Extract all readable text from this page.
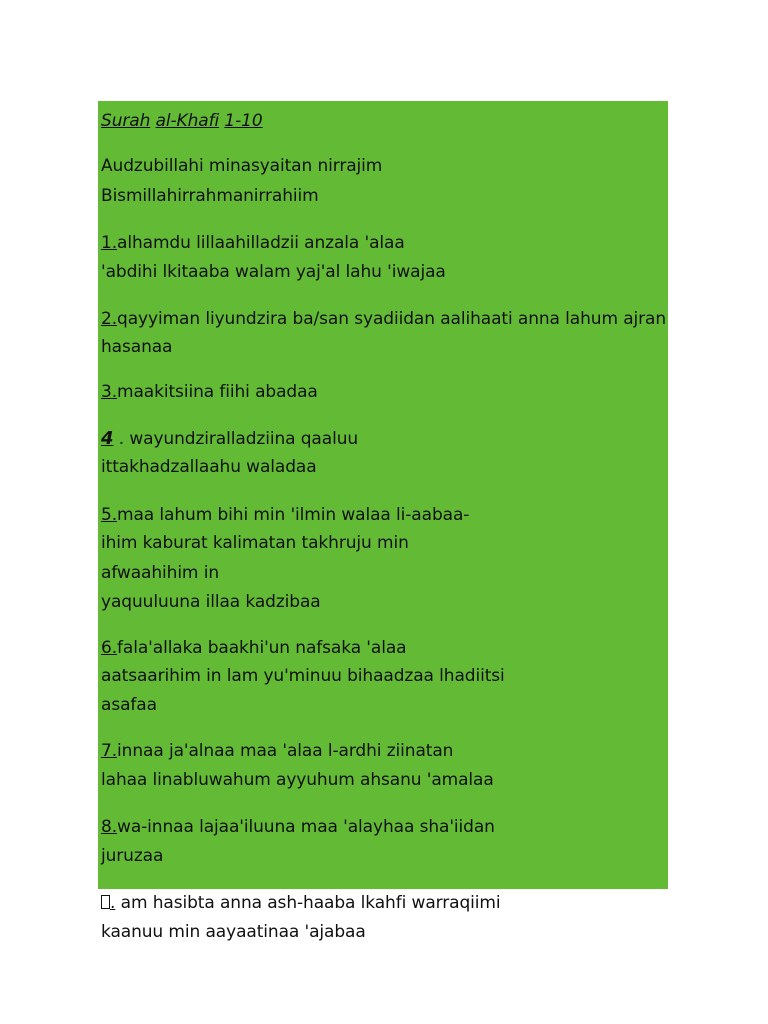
Surah al-Khafi 1-10
Audzubillahi minasyaitan nirrajim
Bismillahirrahmanirrahiim
1.alhamdu lillaahilladzii anzala 'alaa
'abdihi lkitaaba walam yaj'al lahu 'iwajaa
2.qayyiman liyundzira ba/san syadiidan aalihaati anna lahum ajran
hasanaa
3.maakitsiina fiihi abadaa
4 . wayundziralladziina qaaluu
ittakhadzallaahu waladaa
5.maa lahum bihi min 'ilmin walaa li-aabaa-
ihim kaburat kalimatan takhruju min
afwaahihim in
yaquuluuna illaa kadzibaa
6.fala'allaka baakhi'un nafsaka 'alaa
aatsaarihim in lam yu'minuu bihaadzaa lhadiitsi
asafaa
7.innaa ja'alnaa maa 'alaa l-ardhi ziinatan
lahaa linabluwahum ayyuhum ahsanu 'amalaa
8.wa-innaa lajaa'iluuna maa 'alayhaa sha'iidan
juruzaa
. am hasibta anna ash-haaba lkahfi warraqiimi
kaanuu min aayaatinaa 'ajabaa
